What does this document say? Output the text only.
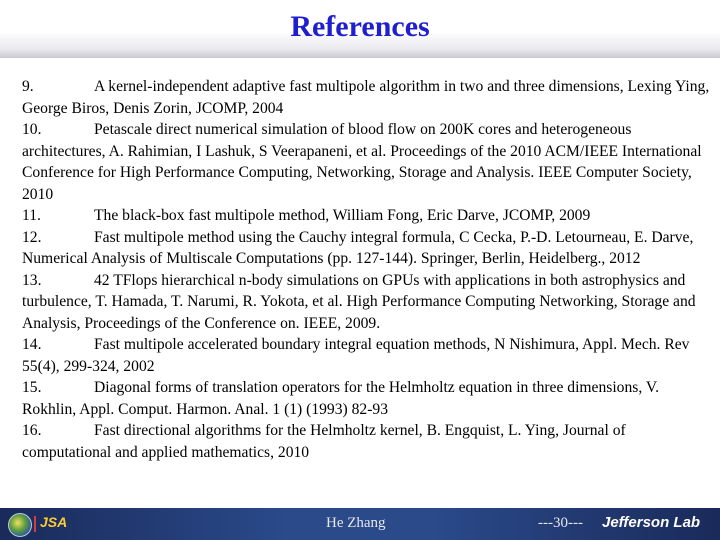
References

9.	A kernel-independent adaptive fast multipole algorithm in two and three dimensions, Lexing Ying, George Biros, Denis Zorin, JCOMP, 2004

10.	Petascale direct numerical simulation of blood flow on 200K cores and heterogeneous architectures, A. Rahimian, I Lashuk, S Veerapaneni, et al. Proceedings of the 2010 ACM/IEEE International Conference for High Performance Computing, Networking, Storage and Analysis. IEEE Computer Society, 2010

11.	The black-box fast multipole method, William Fong, Eric Darve, JCOMP, 2009

12.	Fast multipole method using the Cauchy integral formula, C Cecka, P.-D. Letourneau, E. Darve, Numerical Analysis of Multiscale Computations (pp. 127-144). Springer, Berlin, Heidelberg., 2012

13.	42 TFlops hierarchical n-body simulations on GPUs with applications in both astrophysics and turbulence, T. Hamada, T. Narumi, R. Yokota, et al. High Performance Computing Networking, Storage and Analysis, Proceedings of the Conference on. IEEE, 2009.

14.	Fast multipole accelerated boundary integral equation methods, N Nishimura, Appl. Mech. Rev 55(4), 299-324, 2002

15.	Diagonal forms of translation operators for the Helmholtz equation in three dimensions, V. Rokhlin, Appl. Comput. Harmon. Anal. 1 (1) (1993) 82-93

16.	Fast directional algorithms for the Helmholtz kernel, B. Engquist, L. Ying, Journal of computational and applied mathematics, 2010

JSA	He Zhang	---30--- Jefferson Lab
